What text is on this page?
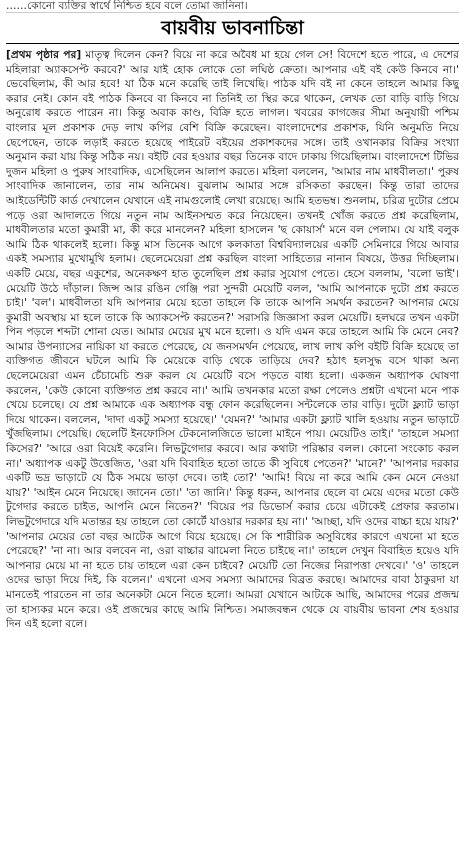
……কোনো ব্যক্তির স্বার্থে নিশ্চিত হবে বলে তোমা জানিনা।
বায়বীয় ভাবনাচিন্তা

[প্রথম পৃষ্ঠার পর] মাতৃত্ব দিলেন কেন? বিয়ে না করে অবৈধ মা হয়ে গেল সে! বিদেশে হতে পারে, এ দেশের মহিলারা অ্যাকসেপ্ট করবে?' আর যাই হোক লোকে তো লঘিষ্ঠ ক্রেতা। আপনার এই বই কেউ কিনবে না।' ভেবেছিলাম, কী আর হবে! যা ঠিক মনে করেছি তাই লিখেছি। পাঠক যদি বই না কেনে তাহলে আমার কিছু করার নেই। কোন বই পাঠক কিনবে বা কিনবে না তিনিই তা স্থির করে থাকেন, লেখক তো বাড়ি বাড়ি গিয়ে অনুরোধ করতে পারেন না। কিন্তু অবাক কাণ্ড, বিক্রি হতে লাগল। খবরের কাগজের সীমা অনুযায়ী পশ্চিম বাংলার মূল প্রকাশক দেড় লাখ কপির বেশি বিক্রি করেছেন। বাংলাদেশের প্রকাশক, যিনি অনুমতি নিয়ে ছেপেছেন, তাকে লড়াই করতে হয়েছে পাইরেট বইয়ের প্রকাশকদের সঙ্গে। তাই ওখানকার বিক্রির সংখ্যা অনুমান করা যায় কিন্তু সঠিক নয়। বইটি বের হওয়ার বছর তিনেক বাদে ঢাকায় গিয়েছিলাম। বাংলাদেশে টিভির দুজন মহিলা ও পুরুষ সাংবাদিক, এসেছিলেন আলাপ করতে। মহিলা বললেন, 'আমার নাম মাধবীলতা।' পুরুষ সাংবাদিক জানালেন, তার নাম অনিমেষ। বুঝলাম আমার সঙ্গে রসিকতা করছেন। কিন্তু তারা তাদের আইডেন্টিটি কার্ড দেখালেন যেখানে এই নামগুলোই লেখা রয়েছে। আমি হতভম্ব। শুনলাম, চরিত্র দুটোর প্রেমে পড়ে ওরা আদালতে গিয়ে নতুন নাম আইনসম্মত করে নিয়েছেন। তখনই খোঁজ করতে প্রশ্ন করেছিলাম, মাধবীলতার মতো কুমারী মা, কী করে মানলেন? মহিলা হাসলেন 'ছ কোয়ার্স' মনে বল পেলাম। যে যাই বলুক আমি ঠিক থাকলেই হলো। কিন্তু মাস তিনেক আগে কলকাতা বিশ্ববিদ্যালয়ের একটি সেমিনারে গিয়ে আবার একই সমস্যার মুখোমুখি হলাম। ছেলেমেয়েরা প্রশ্ন করছিল বাংলা সাহিত্যের নানান বিষয়ে, উত্তর দিচ্ছিলাম। একটি মেয়ে, বছর একুশের, অনেকক্ষণ হাত তুলেছিল প্রশ্ন করার সুযোগ পেতে। হেসে বললাম, 'বলো ভাই'। মেয়েটি উঠে দাঁড়াল। জিন্স আর রঙিন গেঞ্জি পরা সুন্দরী মেয়েটি বলল, 'আমি আপনাকে দুটো প্রশ্ন করতে চাই।' 'বল'। মাধবীলতা যদি আপনার মেয়ে হতো তাহলে কি তাকে আপনি সমর্থন করতেন? আপনার মেয়ে কুমারী অবস্থায় মা হলে তাকে কি অ্যাকসেপ্ট করতেন?' সরাসরি জিজ্ঞাসা করল মেয়েটি। হলঘরে তখন একটা পিন পড়লে শব্দটা শোনা যেত। আমার মেয়ের মুখ মনে হলো। ও যদি এমন করে তাহলে আমি কি মেনে নেব? আমার উপন্যাসের নায়িকা যা করতে পেরেছে, যে জনসমর্থন পেয়েছে, লাখ লাখ কপি বইটি বিক্রি হয়েছে তা ব্যক্তিগত জীবনে ঘটলে আমি কি মেয়েকে বাড়ি থেকে তাড়িয়ে দেব? হঠাৎ হলসুদ্ধ বসে থাকা অন্য ছেলেমেয়েরা এমন চেঁচামেচি শুরু করল যে মেয়েটি বসে পড়তে বাধ্য হলো। একজন অধ্যাপক ঘোষণা করলেন, 'কেউ কোনো ব্যক্তিগত প্রশ্ন করবে না।' আমি তখনকার মতো রক্ষা পেলেও প্রশ্নটা এখনো মনে পাক খেয়ে চলেছে। যে প্রশ্ন আমাকে এক অধ্যাপক বন্ধু ফোন করেছিলেন। সন্টলেকে তার বাড়ি। দুটো ফ্ল্যাট ভাড়া দিয়ে থাকেন। বললেন, 'দাদা একটু সমস্যা হয়েছে।' 'যেমন?' 'আমার একটা ফ্ল্যাট খালি হওয়ায় নতুন ভাড়াটে খুঁজছিলাম। পেয়েছি। ছেলেটি ইনফোসিস টেকনোলজিতে ভালো মাইনে পায়। মেয়েটিও তাই।' 'তাহলে সমস্যা কিসের?' 'আরে ওরা বিয়েই করেনি। লিভটুগেদার করবে। আর কথাটা পরিষ্কার বলল। কোনো সংকোচ করল না।' অধ্যাপক একটু উত্তেজিত, 'ওরা যদি বিবাহিত হতো তাতে কী সুবিধে পেতেন?' 'মানে?' 'আপনার দরকার একটি ভদ্র ভাড়াটে যে ঠিক সময়ে ভাড়া দেবে। তাই তো?' 'আমি! বিয়ে না করে আমি কেন মেনে নেওয়া যায়?' 'আইন মেনে নিয়েছে। জানেন তো।' 'তা জানি।' কিন্তু ধরুন, আপনার ছেলে বা মেয়ে এদের মতো কেউ টুগেদার করতে চাইত, আপনি মেনে নিতেন?' 'বিয়ের পর ডিভোর্স করার চেয়ে এটাকেই প্রেফার করতাম। লিভটুগেদারে যদি মতান্তর হয় তাহলে তো কোর্টে যাওয়ার দরকার হয় না।' 'আচ্ছা, যদি ওদের বাচ্চা হয়ে যায়?' 'আপনার মেয়ের তো বছর আটেক আগে বিয়ে হয়েছে। সে কি শারীরিক অসুবিধের কারণে এখনো মা হতে পেরেছে?' 'না না। আর বলবেন না, ওরা বাচ্চার ঝামেলা নিতে চাইছে না।' তাহলে দেখুন বিবাহিত হয়েও যদি আপনার মেয়ে মা না হতে চায় তাহলে এরা কেন চাইবে? মেয়েটি তো নিজের নিরাপত্তা দেখবে।' 'ও' তাহলে ওদের ভাড়া দিয়ে দিই, কি বলেন।' এখনো এসব সমস্যা আমাদের বিব্রত করছে। আমাদের বাবা ঠাকুরদা যা মানতেই পারতেন না তার অনেকটা মেনে নিতে হলো। আমরা যেখানে আটকে আছি, আমাদের পরের প্রজন্ম তা হাস্যকর মনে করে। ওই প্রজন্মের কাছে আমি নিশ্চিত। সমাজবন্ধন থেকে যে বায়বীয় ভাবনা শেষ হওয়ার দিন এই হলো বলে।
